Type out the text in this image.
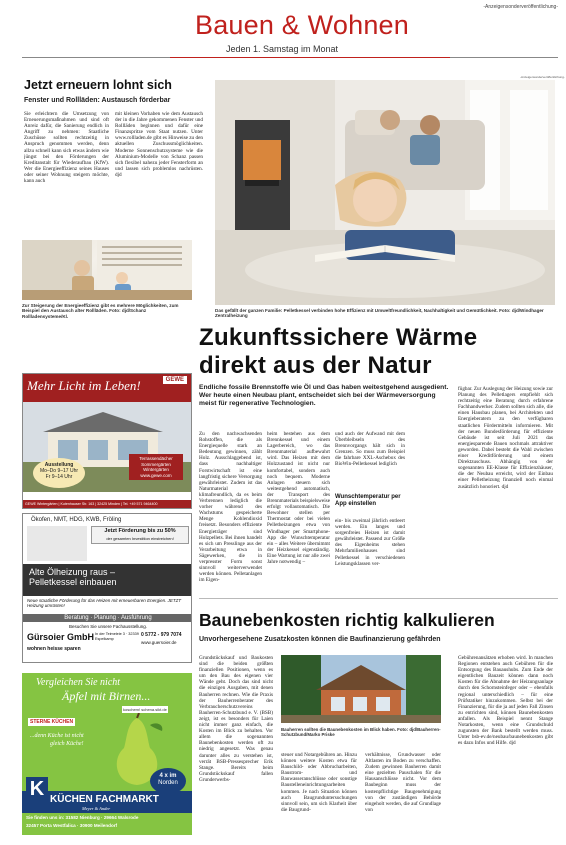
-Anzeigensonderveröffentlichung-
Bauen & Wohnen
Jeden 1. Samstag im Monat
Jetzt erneuern lohnt sich
Fenster und Rollläden: Austausch förderbar
Sie erleichtern die Umsetzung von Erneuerungsmaßnahmen und sind oft Anreiz dafür, die Sanierung endlich in Angriff zu nehmen: Staatliche Zuschüsse sollten rechtzeitig in Anspruch genommen werden, denn allzu schnell kann sich etwas ändern wie jüngst bei den Förderungen der Kreditanstalt für Wiederaufbau (KfW). Wer die Energieeffizienz seines Hauses oder seiner Wohnung steigern möchte, kann auch
mit kleinen Vorhaben wie dem Austausch der in die Jahre gekommenen Fenster und Rollläden beginnen und dafür eine Finanzspritze vom Staat nutzen. Unter www.rollladen.de gibt es Hinweise zu den aktuellen Zuschussmöglichkeiten. Moderne Sonnenschutzsysteme wie die Aluminium-Modelle von Schanz passen sich flexibel nahezu jeder Fensterform an und lassen sich problemlos nachrüsten. djd
-Anzeigensonderveröffentlichung-
Zur Steigerung der Energieeffizienz gibt es mehrere Möglichkeiten, zum Beispiel den Austausch alter Rollläden. Foto: djd/Schanz Rollladensysteme/Kl.
Das gefällt der ganzen Familie: Pelletkessel verbinden hohe Effizienz mit Umweltfreundlichkeit, Nachhaltigkeit und Gemütlichkeit. Foto: djd/Windhager Zentralheizung
Mehr Licht im Leben!	GEWE
Ausstellung
Mo–Do 9–17 Uhr
Fr 9–14 Uhr
Terrassendächer Sommergärten Wintergärten www.gewe.com
GEWE Wintergärten | Kutenhauser Str. 163 | 32425 Minden | Tel. +49 571 9464400
Ökofen, NMT, HDG, KWB, Fröling
Jetzt Förderung bis zu 50%
der gesamten Investition einstreichen!
Alte Ölheizung raus –
Pelletkessel einbauen
Neue staatliche Förderung für das Heizen mit erneuerbaren Energien. JETZT Heizung umrüsten!
Beratung · Planung · Ausführung
Besuchen Sie unsere Fachausstellung.
Gürsoier GmbH In der Teimeleie 3 · 32339 Espelkamp
0 5772 - 979 7074
www.guersoier.de
wohnen heisse sparen
Vergleichen Sie nicht
Äpfel mit Birnen...
koschem! schena.sikt.de
STERNE KÜCHEN
...denn Küche ist nicht
gleich Küche!
4 x im
Norden
K KÜCHEN FACHMARKT
Meyer & Ander
Sie finden uns in: 31582 Nienburg · 29664 Walsrode
32457 Porta Westfalica · 30900 Meilendorf
Zukunftssichere Wärme
direkt aus der Natur
Endliche fossile Brennstoffe wie Öl und Gas haben weitestgehend ausgedient. Wer heute einen Neubau plant, entscheidet sich bei der Wärmeversorgung meist für regenerative Technologien.
Zu den nachwachsenden Rohstoffen, die als Energiequelle stark an Bedeutung gewinnen, zählt Holz. Ausschlaggebend ist, dass nachhaltiger Forstwirtschaft ist eine langfristig sichere Versorgung gewährleistet. Zudem ist das Naturmaterial klimafreundlich, da es beim Verbrennen lediglich die vorher während des Wachstums gespeicherte Menge Kohlendioxid freisetzt. Besonders effiziente Energieträger sind Holzpellets. Bei ihnen handelt es sich um Presslinge aus der Verarbeitung etwa in Sägewerken, die in verpresster Form sonst sinnvoll weiterverwendet werden können. Pelletanlagen im Eigen-
heim bestehen aus dem Brennkessel und einem Lagerbereich, wo das Brennmaterial aufbewahrt wird. Das Heizen mit dem Holzzustand ist nicht nur komfortabel, sondern auch noch bequem. Moderne Anlagen steuern sich weitestgehend automatisch, der Transport des Brennmaterials beispielsweise erfolgt vollautomatisch. Die Bewohner stellen per Thermostat oder bei vielen Pelletheizungen etwa von Windhager per Smartphone-App die Wunschtemperatur ein – alles Weitere übernimmt der Heizkessel eigenständig. Eine Wartung ist nur alle zwei Jahre notwendig –
und auch der Aufwand mit dem Überbleibseln des Brennvorgangs hält sich in Grenzen. So muss zum Beispiel die fahrbare XXL-Aschebox des BioWin-Pelletkessel lediglich
Wunschtemperatur per App einstellen
ein- bis zweimal jährlich entleert werden. Ein langes und sorgenfreies Heizen ist damit gewährleistet. Passend zur Größe des Eigenheims stehen Mehrfamilienhauses sind Pelletkessel in verschiedenen Leistungsklassen ver-
fügbar. Zur Auslegung der Heizung sowie zur Planung des Pelletlagers empfiehlt sich rechtzeitig eine Beratung durch erfahrene Fachhandwerker. Zudem sollten sich alle, die einen Hausbau planen, bei Architekten und Energieberatern zu den verfügbaren staatlichen Fördermitteln informieren. Mit der neuen Bundesförderung für effiziente Gebäude ist seit Juli 2021 das energiesparende Bauen nochmals attraktiver geworden. Dabei besteht die Wahl zwischen einer Kreditförderung und einem Direktzuschuss. Abhängig von der sogenannten EE-Klasse für Effizienzhäuser, die der Neubau erreicht, wird der Einbau einer Pelletheizung finanziell noch einmal zusätzlich honoriert. djd
Baunebenkosten richtig kalkulieren
Unvorhergesehene Zusatzkosten können die Baufinanzierung gefährden
Grundstückskauf und Baukosten sind die beiden größten finanziellen Positionen, wenn es um den Bau des eigenen vier Wände geht. Doch das sind nicht die einzigen Ausgaben, mit denen Bauherren rechnen. Wie die Praxis der Bauherrenberater des Verbraucherschutzvereins Bauherren-Schutzbund e. V. (BSB) zeigt, ist es besonders für Laien nicht immer ganz einfach, die Kosten im Blick zu behalten. Vor allem die sogenannten Baunebenkosten werden oft zu niedrig angesetzt. Was genau darunter alles zu verstehen ist, verrät BSB-Pressesprecher Erik Stange. Bereits beim Grundstückskauf fallen Grunderwerbs-
Bauherren sollten die Baunebenkosten im Blick haben. Foto: djd/Bauherren-Schutzbund/Marko Priske
steuer und Notargebühren an. Hinzu können weitere Kosten etwa für Bauschild- oder Abbrucharbeiten, Baustrom- und Bauwasseranschlüsse oder sonstige Baustelleneinrichtungsarbeiten kommen. Je nach Situation können auch Baugrunduntersuchungen sinnvoll sein, um sich Klarheit über die Baugrund-
verhältnisse, Grundwasser oder Altlasten im Boden zu verschaffen. Zudem gewinnen Bauherren damit eine gezielten Pauschalen für die Hausanschlüsse nicht. Vor dem Baubeginn muss der kostenpflichtige Baugenehmigung von der zuständigen Behörde eingeholt werden, die auf Grundlage von
Gebührenansätzen erhoben wird. In manchen Regionen entstehen auch Gebühren für die Entsorgung des Bauaushubs. Zum Ende der eigentlichen Bauzeit können dann noch Kosten für die Abnahme der Heizungsanlage durch den Schornsteinfeger oder – ebenfalls regional unterschiedlich – für eine Prüfstatiker hinzukommen. Selbst bei der Finanzierung, für die ja auf jeden Fall Zinsen zu entrichten sind, können Baunebenkosten anfallen. Als Beispiel nennt Stange Notarkosten, wenn eine Grundschuld zugunsten der Bank bestellt werden muss. Unter bsb-ev.de/neubau/baunebenkosten gibt es dazu Infos und Hilfe. djd
